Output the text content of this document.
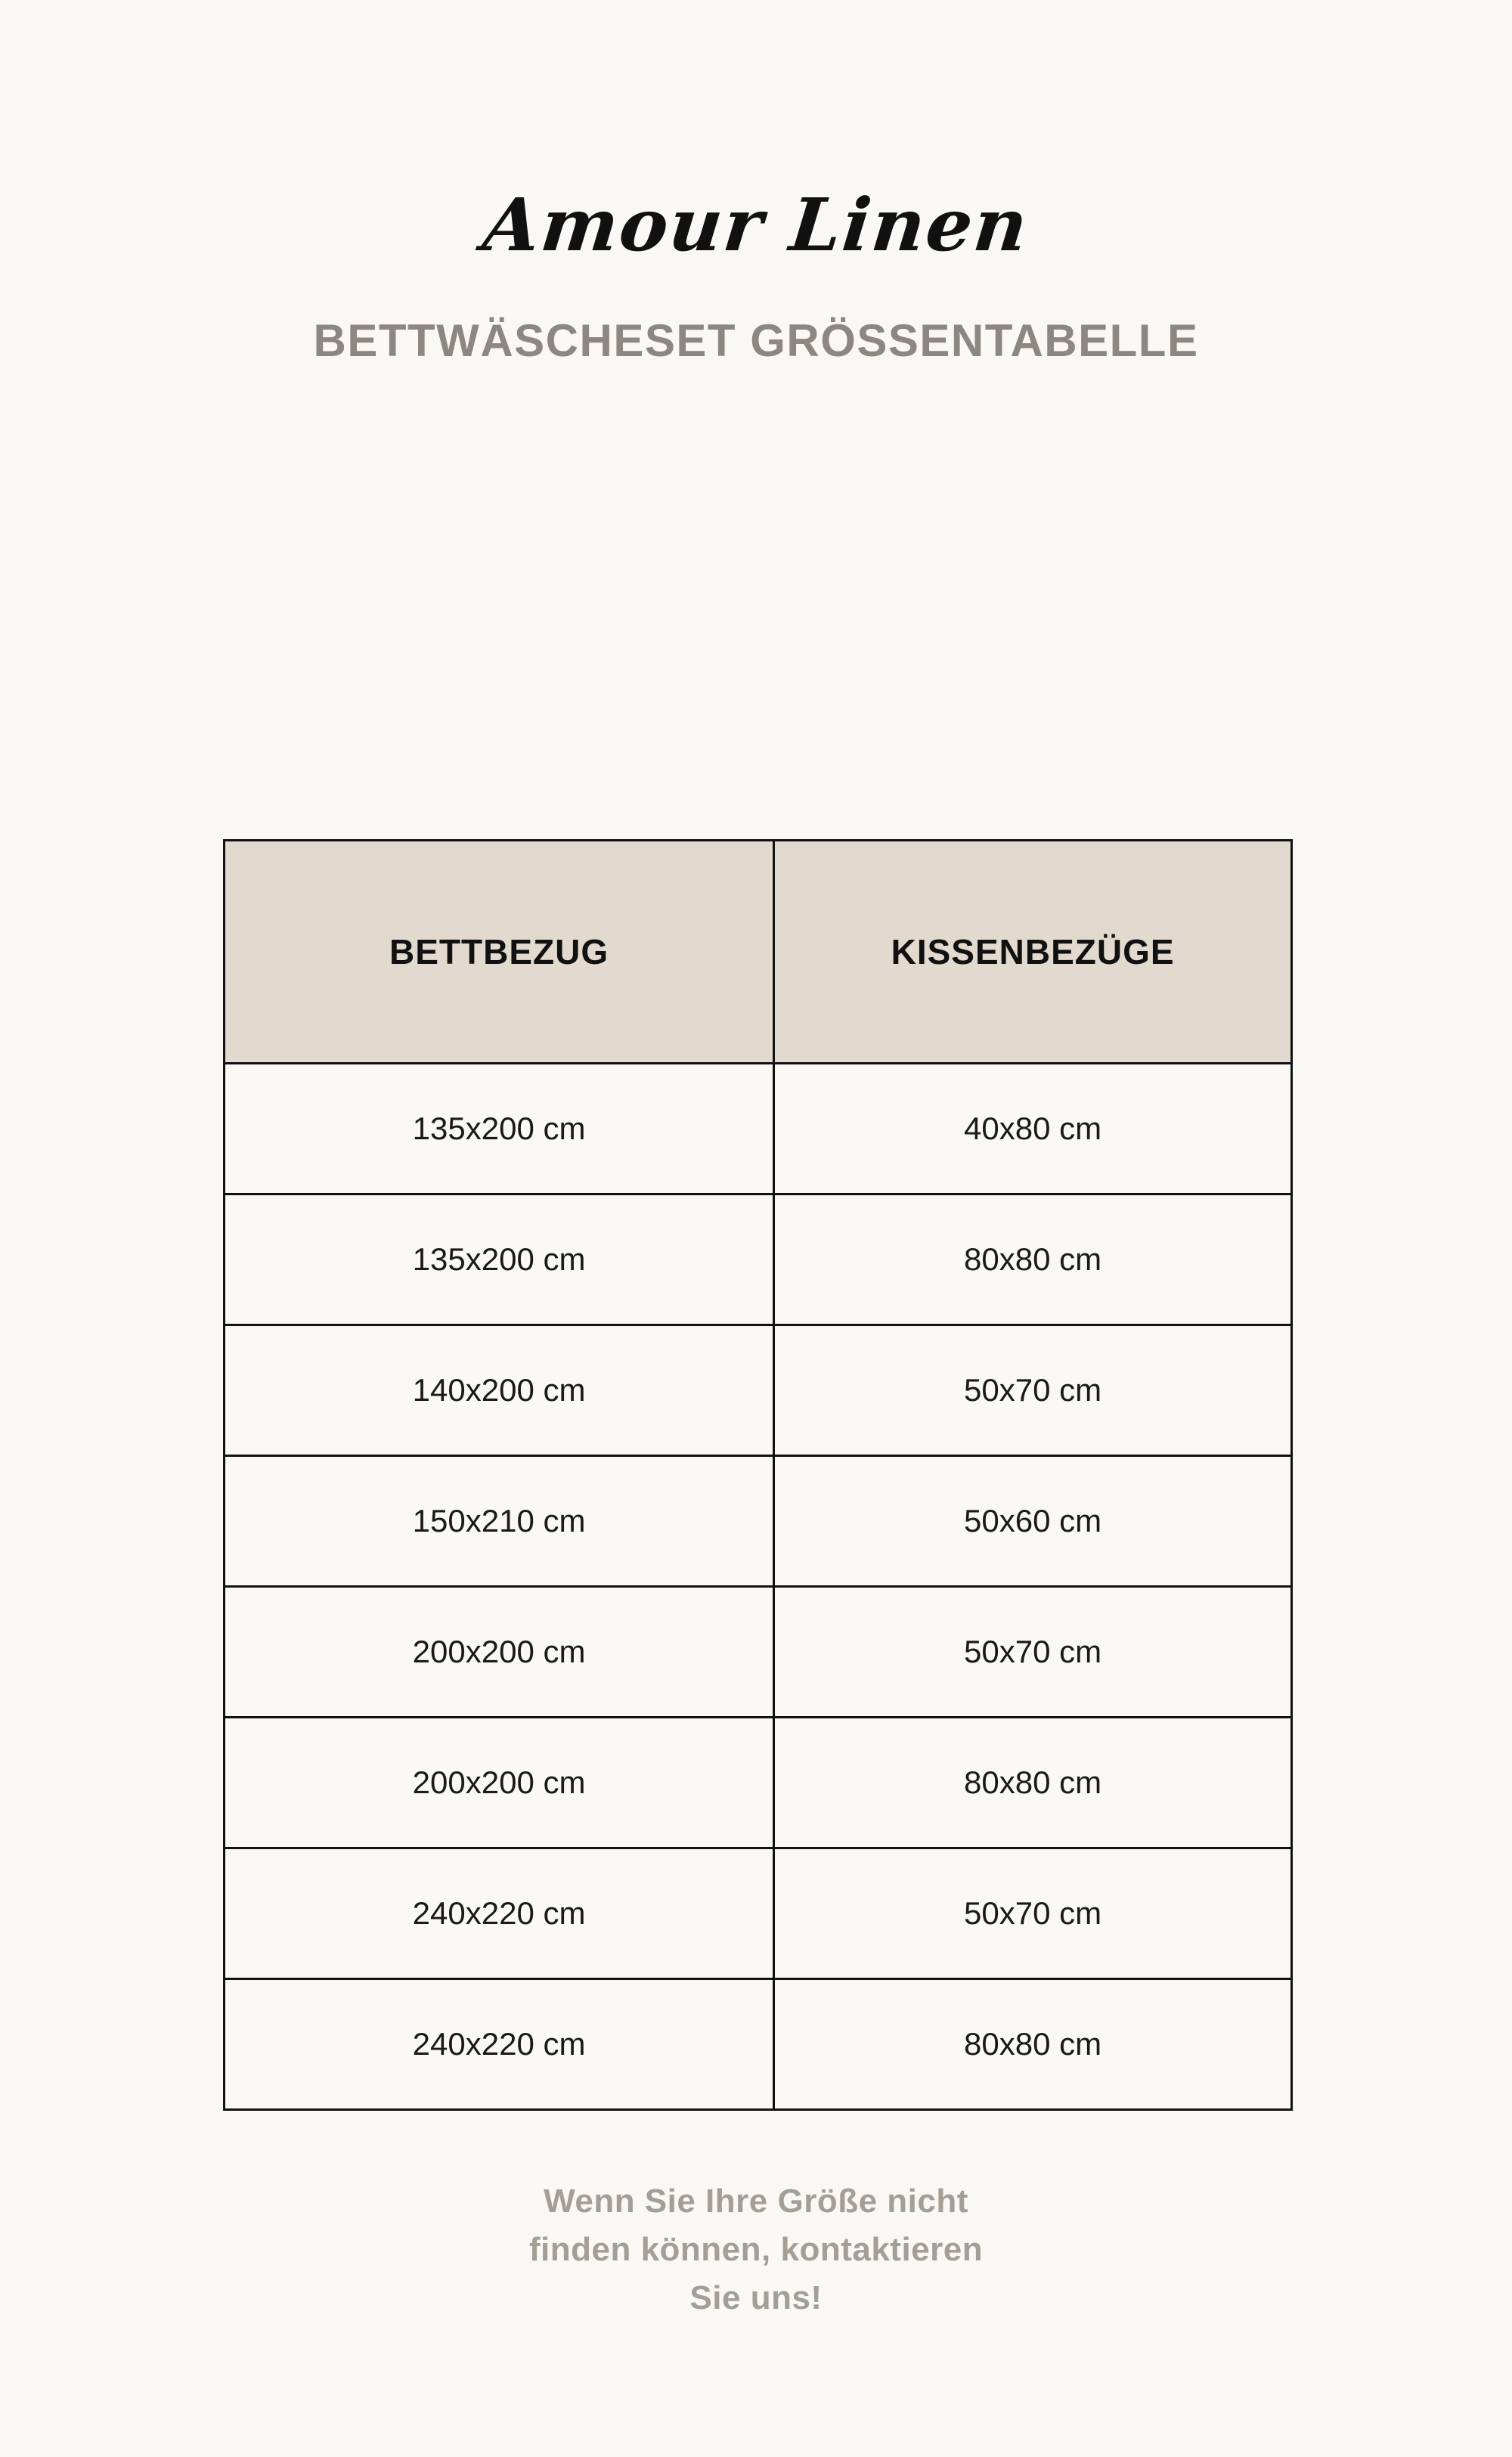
Amour Linen
BETTWÄSCHESET GRÖSSENTABELLE
BETTBEZUG	KISSENBEZÜGE
135x200 cm	40x80 cm
135x200 cm	80x80 cm
140x200 cm	50x70 cm
150x210 cm	50x60 cm
200x200 cm	50x70 cm
200x200 cm	80x80 cm
240x220 cm	50x70 cm
240x220 cm	80x80 cm
Wenn Sie Ihre Größe nicht
finden können, kontaktieren
Sie uns!
